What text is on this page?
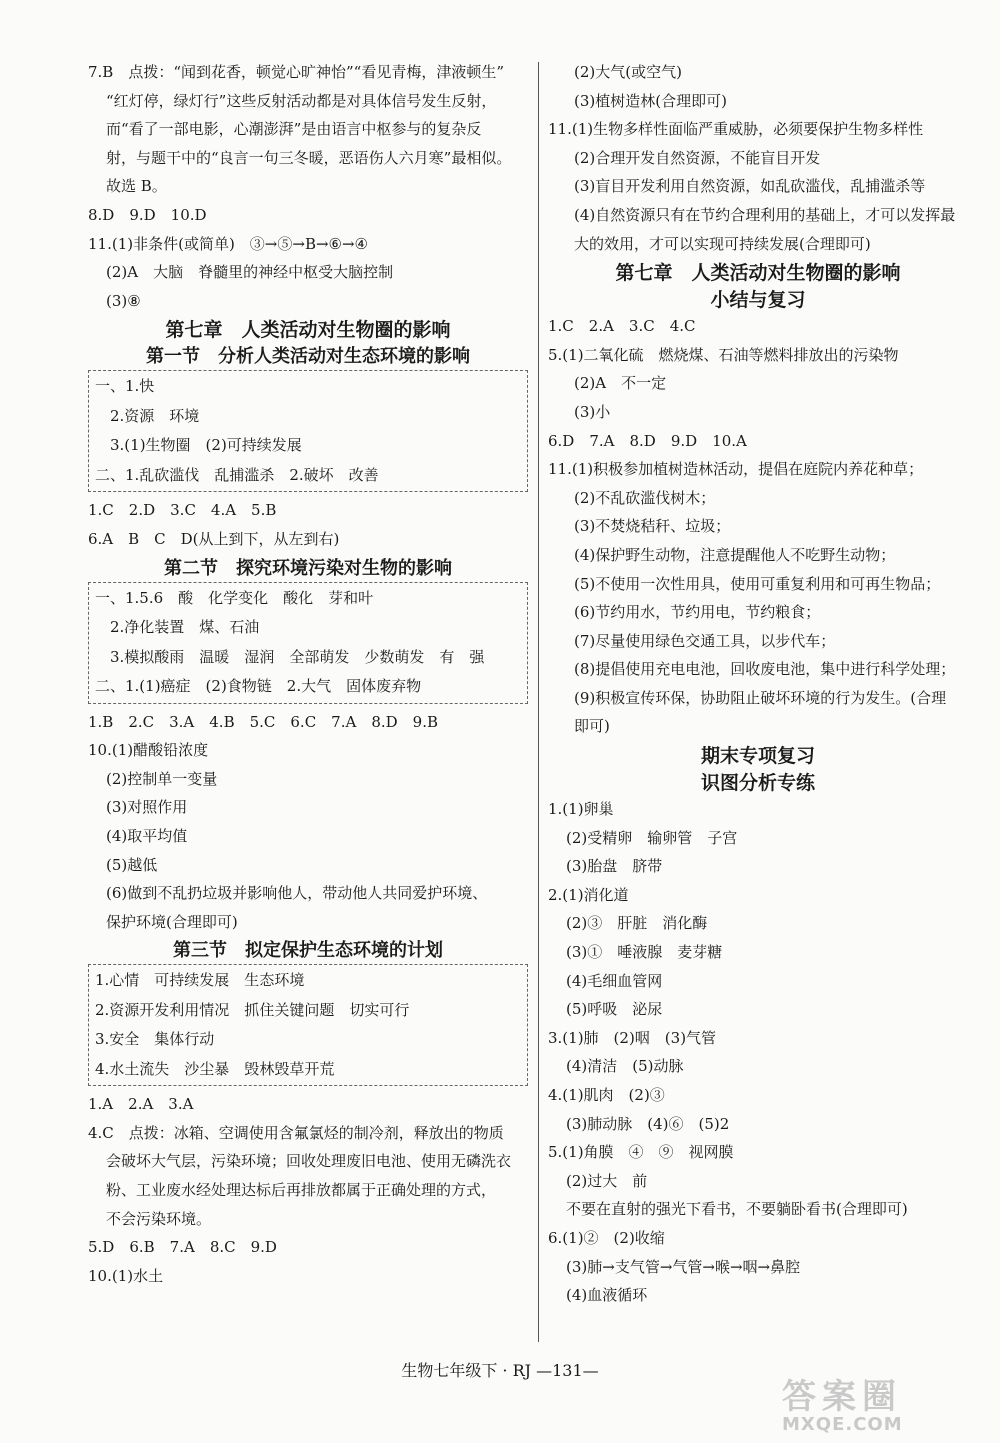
7.B　点拨：“闻到花香，顿觉心旷神怡”“看见青梅，津液顿生”
“红灯停，绿灯行”这些反射活动都是对具体信号发生反射，
而“看了一部电影，心潮澎湃”是由语言中枢参与的复杂反
射，与题干中的“良言一句三冬暖，恶语伤人六月寒”最相似。
故选 B。
8.D　9.D　10.D
11.(1)非条件(或简单)　③→⑤→B→⑥→④
(2)A　大脑　脊髓里的神经中枢受大脑控制
(3)⑧
第七章　人类活动对生物圈的影响
第一节　分析人类活动对生态环境的影响
一、1.快
　2.资源　环境
　3.(1)生物圈　(2)可持续发展
二、1.乱砍滥伐　乱捕滥杀　2.破坏　改善
1.C　2.D　3.C　4.A　5.B
6.A　B　C　D(从上到下，从左到右)
第二节　探究环境污染对生物的影响
一、1.5.6　酸　化学变化　酸化　芽和叶
　2.净化装置　煤、石油
　3.模拟酸雨　温暖　湿润　全部萌发　少数萌发　有　强
二、1.(1)癌症　(2)食物链　2.大气　固体废弃物
1.B　2.C　3.A　4.B　5.C　6.C　7.A　8.D　9.B
10.(1)醋酸铅浓度
(2)控制单一变量
(3)对照作用
(4)取平均值
(5)越低
(6)做到不乱扔垃圾并影响他人，带动他人共同爱护环境、
保护环境(合理即可)
第三节　拟定保护生态环境的计划
1.心情　可持续发展　生态环境
2.资源开发利用情况　抓住关键问题　切实可行
3.安全　集体行动
4.水土流失　沙尘暴　毁林毁草开荒
1.A　2.A　3.A
4.C　点拨：冰箱、空调使用含氟氯烃的制冷剂，释放出的物质
会破坏大气层，污染环境；回收处理废旧电池、使用无磷洗衣
粉、工业废水经处理达标后再排放都属于正确处理的方式，
不会污染环境。
5.D　6.B　7.A　8.C　9.D
10.(1)水土
(2)大气(或空气)
(3)植树造林(合理即可)
11.(1)生物多样性面临严重威胁，必须要保护生物多样性
(2)合理开发自然资源，不能盲目开发
(3)盲目开发利用自然资源，如乱砍滥伐，乱捕滥杀等
(4)自然资源只有在节约合理利用的基础上，才可以发挥最
大的效用，才可以实现可持续发展(合理即可)
第七章　人类活动对生物圈的影响
小结与复习
1.C　2.A　3.C　4.C
5.(1)二氧化硫　燃烧煤、石油等燃料排放出的污染物
(2)A　不一定
(3)小
6.D　7.A　8.D　9.D　10.A
11.(1)积极参加植树造林活动，提倡在庭院内养花种草；
(2)不乱砍滥伐树木；
(3)不焚烧秸秆、垃圾；
(4)保护野生动物，注意提醒他人不吃野生动物；
(5)不使用一次性用具，使用可重复利用和可再生物品；
(6)节约用水，节约用电，节约粮食；
(7)尽量使用绿色交通工具，以步代车；
(8)提倡使用充电电池，回收废电池，集中进行科学处理；
(9)积极宣传环保，协助阻止破坏环境的行为发生。(合理
即可)
期末专项复习
识图分析专练
1.(1)卵巢
(2)受精卵　输卵管　子宫
(3)胎盘　脐带
2.(1)消化道
(2)③　肝脏　消化酶
(3)①　唾液腺　麦芽糖
(4)毛细血管网
(5)呼吸　泌尿
3.(1)肺　(2)咽　(3)气管
(4)清洁　(5)动脉
4.(1)肌肉　(2)③
(3)肺动脉　(4)⑥　(5)2
5.(1)角膜　④　⑨　视网膜
(2)过大　前
不要在直射的强光下看书，不要躺卧看书(合理即可)
6.(1)②　(2)收缩
(3)肺→支气管→气管→喉→咽→鼻腔
(4)血液循环
生物七年级下 · RJ —131—
答案圈
MXQE.COM
